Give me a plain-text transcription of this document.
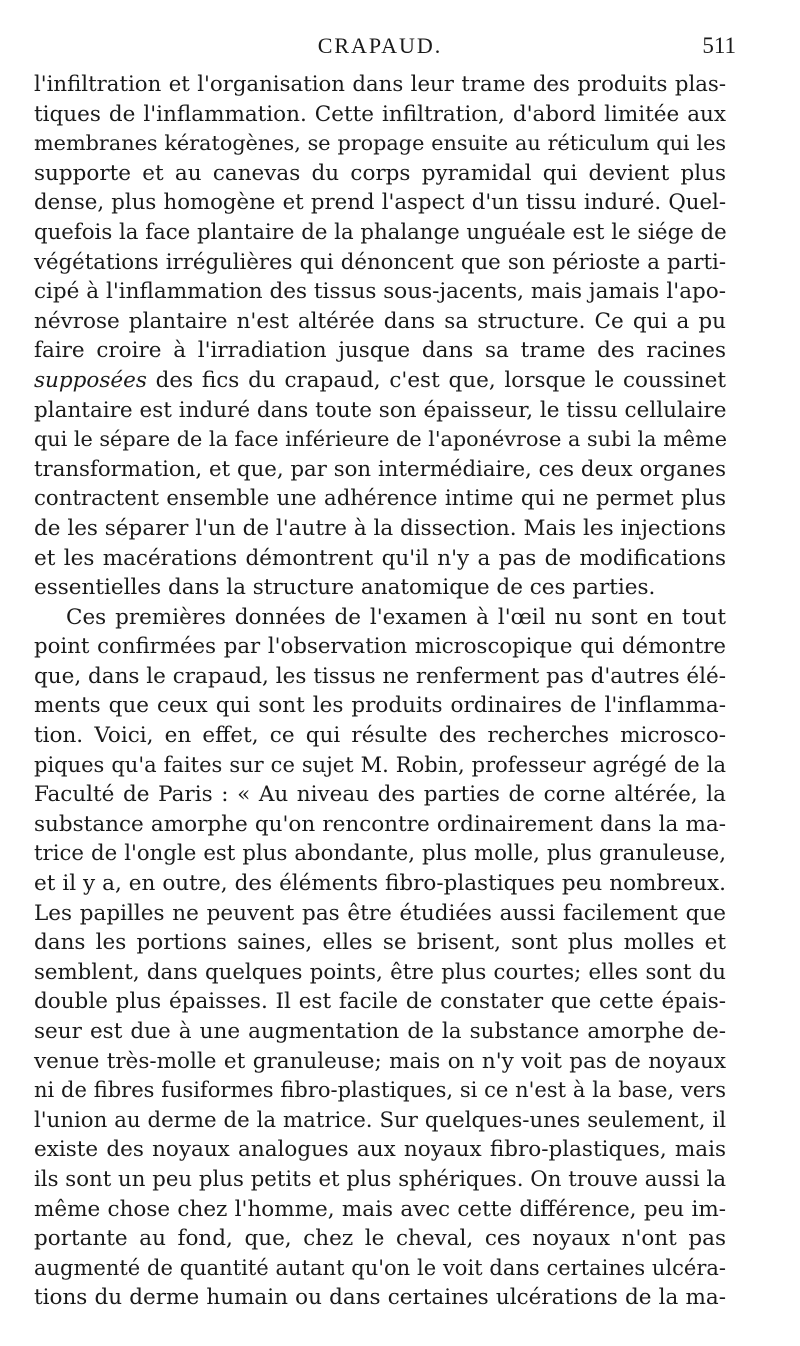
CRAPAUD.	511
l'infiltration et l'organisation dans leur trame des produits plas-
tiques de l'inflammation. Cette infiltration, d'abord limitée aux
membranes kératogènes, se propage ensuite au réticulum qui les
supporte et au canevas du corps pyramidal qui devient plus
dense, plus homogène et prend l'aspect d'un tissu induré. Quel-
quefois la face plantaire de la phalange unguéale est le siége de
végétations irrégulières qui dénoncent que son périoste a parti-
cipé à l'inflammation des tissus sous-jacents, mais jamais l'apo-
névrose plantaire n'est altérée dans sa structure. Ce qui a pu
faire croire à l'irradiation jusque dans sa trame des racines
supposées des fics du crapaud, c'est que, lorsque le coussinet
plantaire est induré dans toute son épaisseur, le tissu cellulaire
qui le sépare de la face inférieure de l'aponévrose a subi la même
transformation, et que, par son intermédiaire, ces deux organes
contractent ensemble une adhérence intime qui ne permet plus
de les séparer l'un de l'autre à la dissection. Mais les injections
et les macérations démontrent qu'il n'y a pas de modifications
essentielles dans la structure anatomique de ces parties.
Ces premières données de l'examen à l'œil nu sont en tout
point confirmées par l'observation microscopique qui démontre
que, dans le crapaud, les tissus ne renferment pas d'autres élé-
ments que ceux qui sont les produits ordinaires de l'inflamma-
tion. Voici, en effet, ce qui résulte des recherches microsco-
piques qu'a faites sur ce sujet M. Robin, professeur agrégé de la
Faculté de Paris : « Au niveau des parties de corne altérée, la
substance amorphe qu'on rencontre ordinairement dans la ma-
trice de l'ongle est plus abondante, plus molle, plus granuleuse,
et il y a, en outre, des éléments fibro-plastiques peu nombreux.
Les papilles ne peuvent pas être étudiées aussi facilement que
dans les portions saines, elles se brisent, sont plus molles et
semblent, dans quelques points, être plus courtes; elles sont du
double plus épaisses. Il est facile de constater que cette épais-
seur est due à une augmentation de la substance amorphe de-
venue très-molle et granuleuse; mais on n'y voit pas de noyaux
ni de fibres fusiformes fibro-plastiques, si ce n'est à la base, vers
l'union au derme de la matrice. Sur quelques-unes seulement, il
existe des noyaux analogues aux noyaux fibro-plastiques, mais
ils sont un peu plus petits et plus sphériques. On trouve aussi la
même chose chez l'homme, mais avec cette différence, peu im-
portante au fond, que, chez le cheval, ces noyaux n'ont pas
augmenté de quantité autant qu'on le voit dans certaines ulcéra-
tions du derme humain ou dans certaines ulcérations de la ma-
